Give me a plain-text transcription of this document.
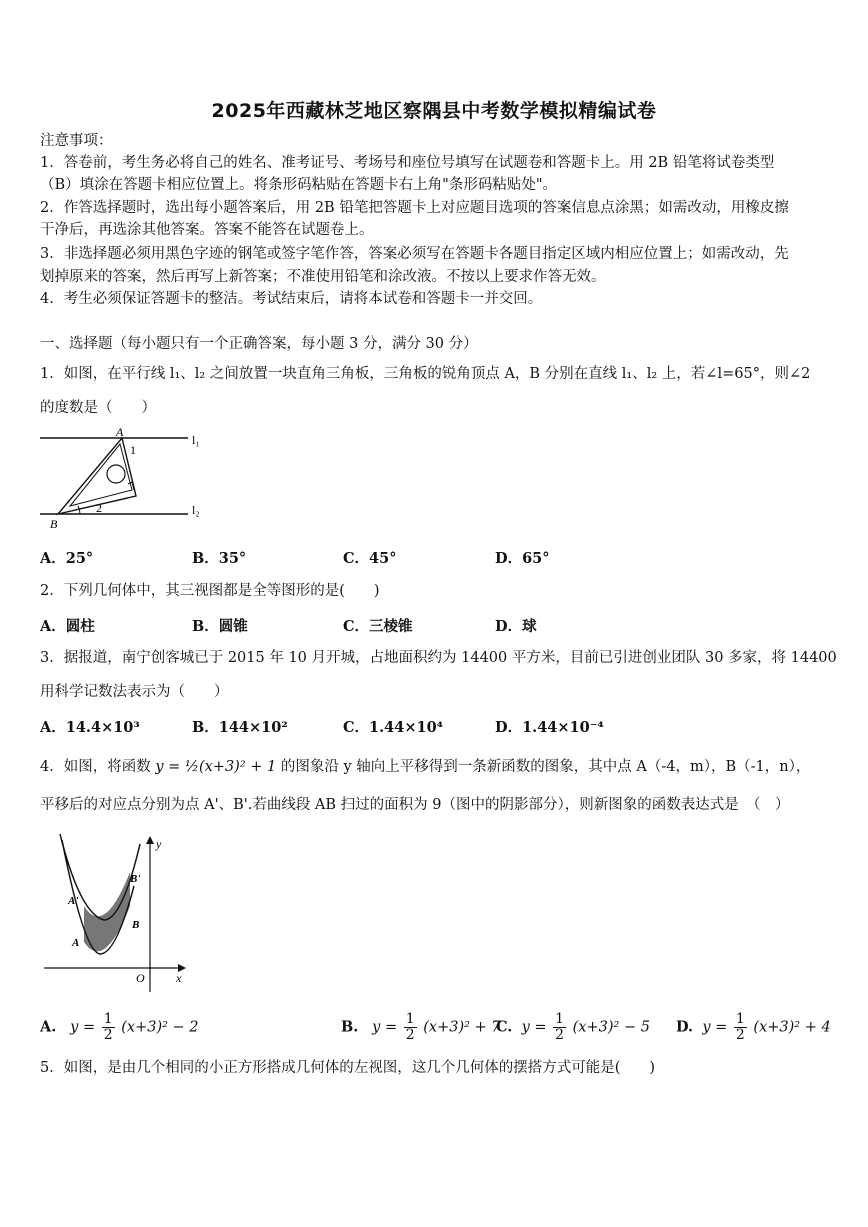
2025年西藏林芝地区察隅县中考数学模拟精编试卷
注意事项：
1．答卷前，考生务必将自己的姓名、准考证号、考场号和座位号填写在试题卷和答题卡上。用 2B 铅笔将试卷类型
（B）填涂在答题卡相应位置上。将条形码粘贴在答题卡右上角"条形码粘贴处"。
2．作答选择题时，选出每小题答案后，用 2B 铅笔把答题卡上对应题目选项的答案信息点涂黑；如需改动，用橡皮擦
干净后，再选涂其他答案。答案不能答在试题卷上。
3．非选择题必须用黑色字迹的钢笔或签字笔作答，答案必须写在答题卡各题目指定区域内相应位置上；如需改动，先
划掉原来的答案，然后再写上新答案；不准使用铅笔和涂改液。不按以上要求作答无效。
4．考生必须保证答题卡的整洁。考试结束后，请将本试卷和答题卡一并交回。
一、选择题（每小题只有一个正确答案，每小题 3 分，满分 30 分）
1．如图，在平行线 l₁、l₂ 之间放置一块直角三角板，三角板的锐角顶点 A，B 分别在直线 l₁、l₂ 上，若∠l=65°，则∠2
的度数是（　　）
A
1
l₁
2	l₂
B
A．25°	B．35°	C．45°	D．65°
2．下列几何体中，其三视图都是全等图形的是(　　)
A．圆柱	B．圆锥	C．三棱锥	D．球
3．据报道，南宁创客城已于 2015 年 10 月开城，占地面积约为 14400 平方米，目前已引进创业团队 30 多家，将 14400
用科学记数法表示为（　　）
A．14.4×10³	B．144×10²	C．1.44×10⁴	D．1.44×10⁻⁴
4．如图，将函数 y = ½(x+3)² + 1 的图象沿 y 轴向上平移得到一条新函数的图象，其中点 A（-4，m），B（-1，n），
平移后的对应点分别为点 A'、B'.若曲线段 AB 扫过的面积为 9（图中的阴影部分），则新图象的函数表达式是　（　）
y
x
O
B'
B
A'
A
A. $y = \frac{1}{2} (x+3)^2 - 2$	B. $y = \frac{1}{2} (x+3)^2 + 7$
C. $y = \frac{1}{2} (x+3)^2 - 5$ D. $y = \frac{1}{2} (x+3)^2 + 4$
5．如图，是由几个相同的小正方形搭成几何体的左视图，这几个几何体的摆搭方式可能是(　　)
